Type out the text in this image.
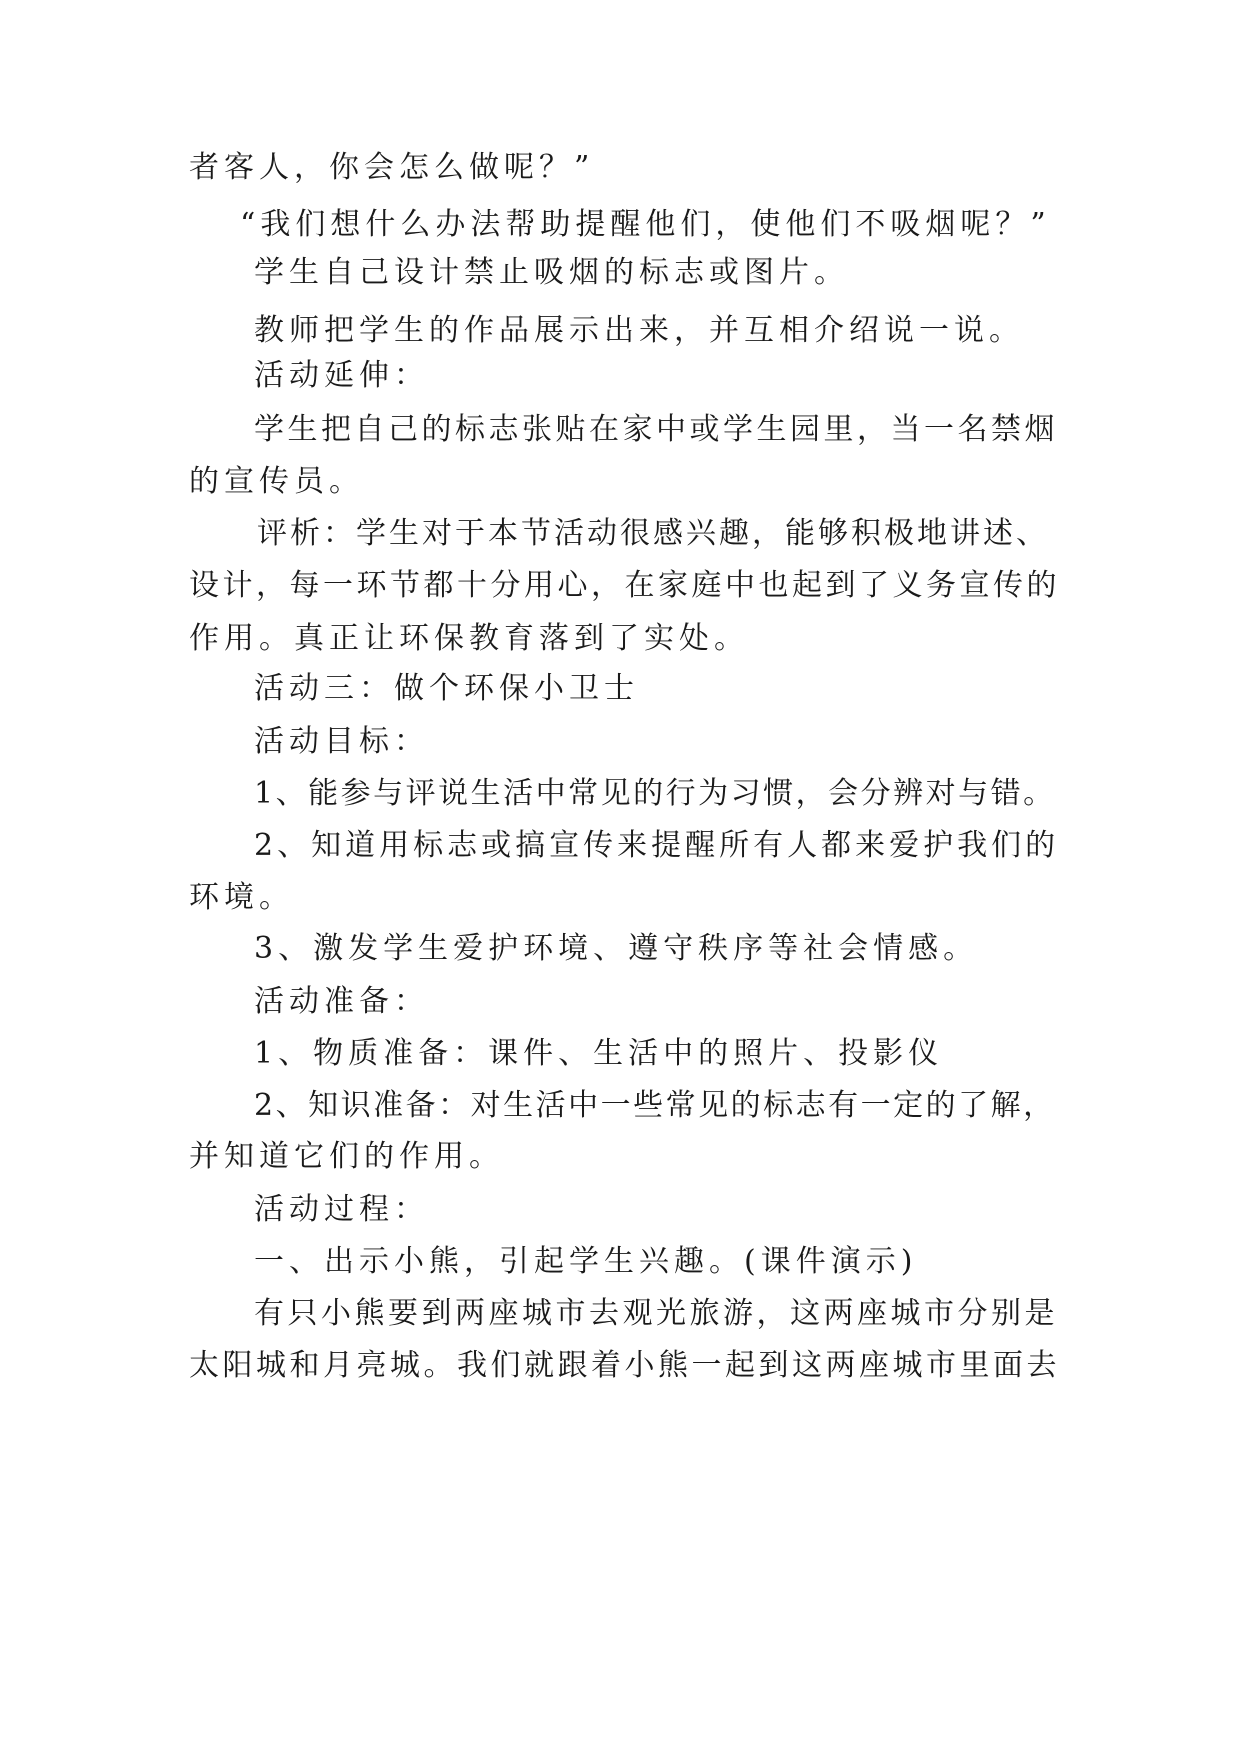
者客人，你会怎么做呢？”
“我们想什么办法帮助提醒他们，使他们不吸烟呢？”
学生自己设计禁止吸烟的标志或图片。
教师把学生的作品展示出来，并互相介绍说一说。
活动延伸：
学生把自己的标志张贴在家中或学生园里，当一名禁烟
的宣传员。
评析：学生对于本节活动很感兴趣，能够积极地讲述、
设计，每一环节都十分用心，在家庭中也起到了义务宣传的
作用。真正让环保教育落到了实处。
活动三：做个环保小卫士
活动目标：
1、能参与评说生活中常见的行为习惯，会分辨对与错。
2、知道用标志或搞宣传来提醒所有人都来爱护我们的
环境。
3、激发学生爱护环境、遵守秩序等社会情感。
活动准备：
1、物质准备：课件、生活中的照片、投影仪
2、知识准备：对生活中一些常见的标志有一定的了解，
并知道它们的作用。
活动过程：
一、出示小熊，引起学生兴趣。(课件演示)
有只小熊要到两座城市去观光旅游，这两座城市分别是
太阳城和月亮城。我们就跟着小熊一起到这两座城市里面去
